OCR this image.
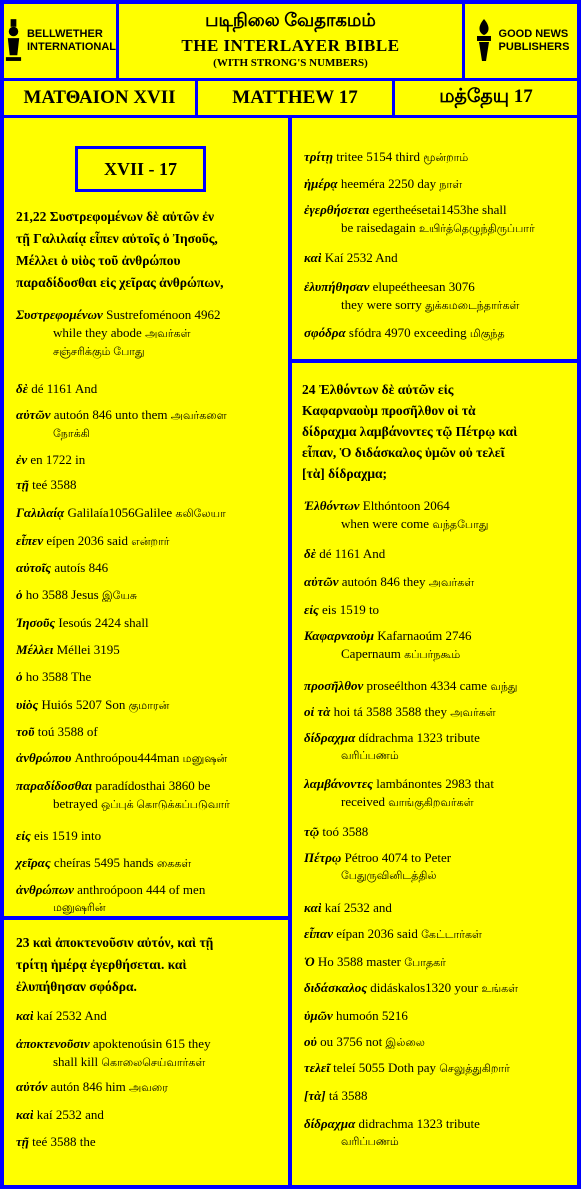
BELLWETHER
INTERNATIONAL
படிநிலை வேதாகமம்
THE INTERLAYER BIBLE
(WITH STRONG'S NUMBERS)
GOOD NEWS
PUBLISHERS
ΜΑΤΘΑΙΟΝ XVII	MATTHEW 17	மத்தேயு 17
XVII - 17
21,22 Συστρεφομένων δὲ αὐτῶν ἐν
τῇ Γαλιλαίᾳ εἶπεν αὐτοῖς ὁ Ἰησοῦς,
Μέλλει ὁ υἱὸς τοῦ ἀνθρώπου
παραδίδοσθαι εἰς χεῖρας ἀνθρώπων,
Συστρεφομένων Sustrefoménoon 4962
while they abode அவர்கள்
சஞ்சரிக்கும் போது
δὲ dé 1161 And
αὐτῶν autoón 846 unto them அவர்களை
நோக்கி
ἐν en 1722 in
τῇ teé 3588
Γαλιλαίᾳ Galilaía1056Galilee கலிலேயா
εἶπεν eípen 2036 said என்றார்
αὐτοῖς autoís 846
ὁ ho 3588 Jesus இயேசு
Ἰησοῦς Iesoús 2424 shall
Μέλλει Méllei 3195
ὁ ho 3588 The
υἱὸς Huiós 5207 Son குமாரன்
τοῦ toú 3588 of
ἀνθρώπου Anthroópou444man மனுஷன்
παραδίδοσθαι paradídosthai 3860 be
betrayed ஒப்புக் கொடுக்கப்படுவார்
εἰς eis 1519 into
χεῖρας cheíras 5495 hands கைகள்
ἀνθρώπων anthroópoon 444 of men
மனுஷரின்
23 καὶ ἀποκτενοῦσιν αὐτόν, καὶ τῇ
τρίτῃ ἡμέρᾳ ἐγερθήσεται. καὶ
ἐλυπήθησαν σφόδρα.
καὶ kaí 2532 And
ἀποκτενοῦσιν apoktenoúsin 615 they
shall kill கொலைசெய்வார்கள்
αὐτόν autón 846 him அவரை
καὶ kaí 2532 and
τῇ teé 3588 the
τρίτῃ tritee 5154 third மூன்றாம்
ἡμέρᾳ heeméra 2250 day நாள்
ἐγερθήσεται egertheésetai1453he shall
be raisedagain உயிர்த்தெழுந்திருப்பார்
καὶ Kaí 2532 And
ἐλυπήθησαν elupeétheesan 3076
they were sorry துக்கமடைந்தார்கள்
σφόδρα sfódra 4970 exceeding மிகுந்த
24 Ἐλθόντων δὲ αὐτῶν εἰς
Καφαρναοὺμ προσῆλθον οἱ τὰ
δίδραχμα λαμβάνοντες τῷ Πέτρῳ καὶ
εἶπαν, Ὁ διδάσκαλος ὑμῶν οὐ τελεῖ
[τὰ] δίδραχμα;
Ἐλθόντων Elthóntoon 2064
when were come வந்தபோது
δὲ dé 1161 And
αὐτῶν autoón 846 they அவர்கள்
εἰς eis 1519 to
Καφαρναοὺμ Kafarnaoúm 2746
Capernaum கப்பர்நகூம்
προσῆλθον proseélthon 4334 came வந்து
οἱ τὰ hoi tá 3588 3588 they அவர்கள்
δίδραχμα dídrachma 1323 tribute
வரிப்பணம்
λαμβάνοντες lambánontes 2983 that
received வாங்குகிறவர்கள்
τῷ toó 3588
Πέτρῳ Pétroo 4074 to Peter
பேதுருவினிடத்தில்
καὶ kaí 2532 and
εἶπαν eípan 2036 said கேட்டார்கள்
Ὁ Ho 3588 master போதகர்
διδάσκαλος didáskalos1320 your உங்கள்
ὑμῶν humoón 5216
οὐ ou 3756 not இல்லை
τελεῖ teleí 5055 Doth pay செலுத்துகிறார்
[τὰ] tá 3588
δίδραχμα didrachma 1323 tribute
வரிப்பணம்
